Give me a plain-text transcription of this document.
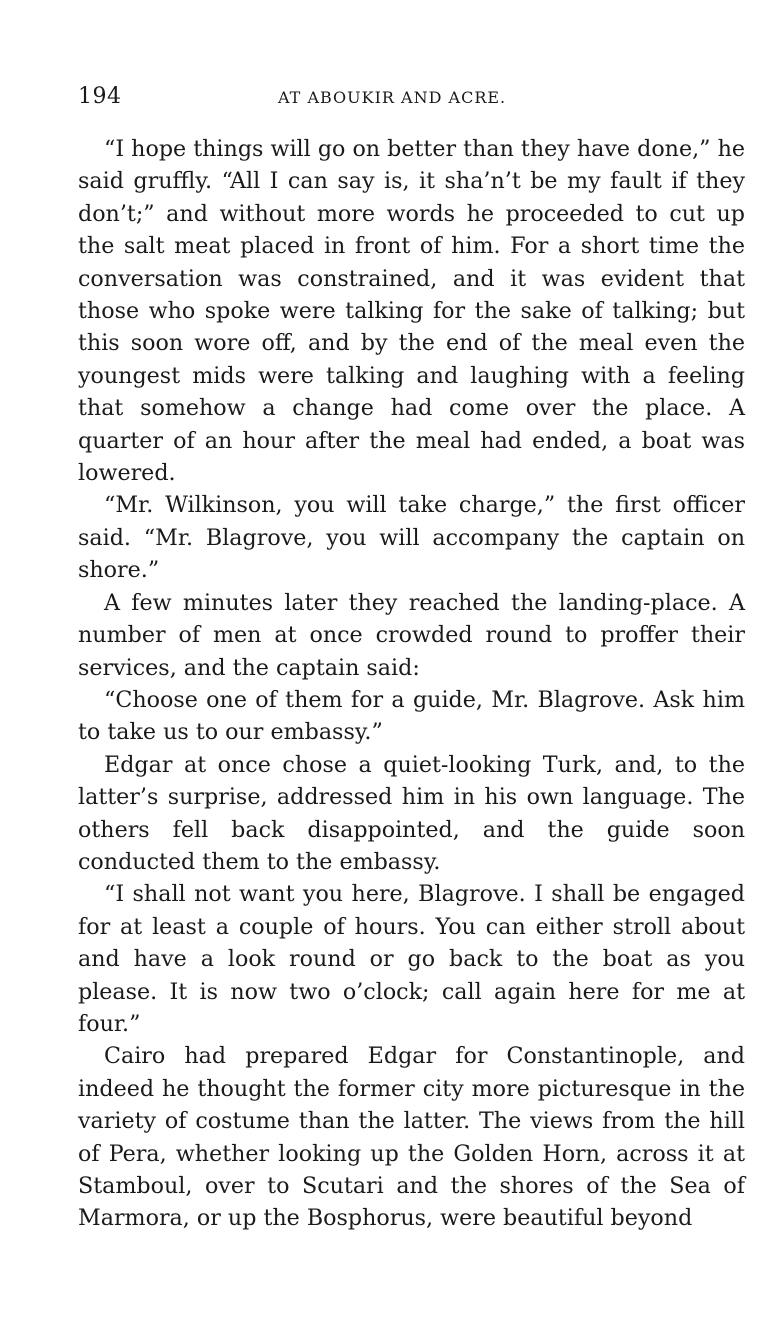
194	AT ABOUKIR AND ACRE.

“I hope things will go on better than they have done,” he said gruffly. “All I can say is, it sha’n’t be my fault if they don’t;” and without more words he proceeded to cut up the salt meat placed in front of him. For a short time the conversation was constrained, and it was evident that those who spoke were talking for the sake of talking; but this soon wore off, and by the end of the meal even the youngest mids were talking and laughing with a feeling that somehow a change had come over the place. A quarter of an hour after the meal had ended, a boat was lowered.

“Mr. Wilkinson, you will take charge,” the first officer said. “Mr. Blagrove, you will accompany the captain on shore.”

A few minutes later they reached the landing-place. A number of men at once crowded round to proffer their services, and the captain said:

“Choose one of them for a guide, Mr. Blagrove. Ask him to take us to our embassy.”

Edgar at once chose a quiet-looking Turk, and, to the latter’s surprise, addressed him in his own language. The others fell back disappointed, and the guide soon conducted them to the embassy.

“I shall not want you here, Blagrove. I shall be engaged for at least a couple of hours. You can either stroll about and have a look round or go back to the boat as you please. It is now two o’clock; call again here for me at four.”

Cairo had prepared Edgar for Constantinople, and indeed he thought the former city more picturesque in the variety of costume than the latter. The views from the hill of Pera, whether looking up the Golden Horn, across it at Stamboul, over to Scutari and the shores of the Sea of Marmora, or up the Bosphorus, were beautiful beyond
